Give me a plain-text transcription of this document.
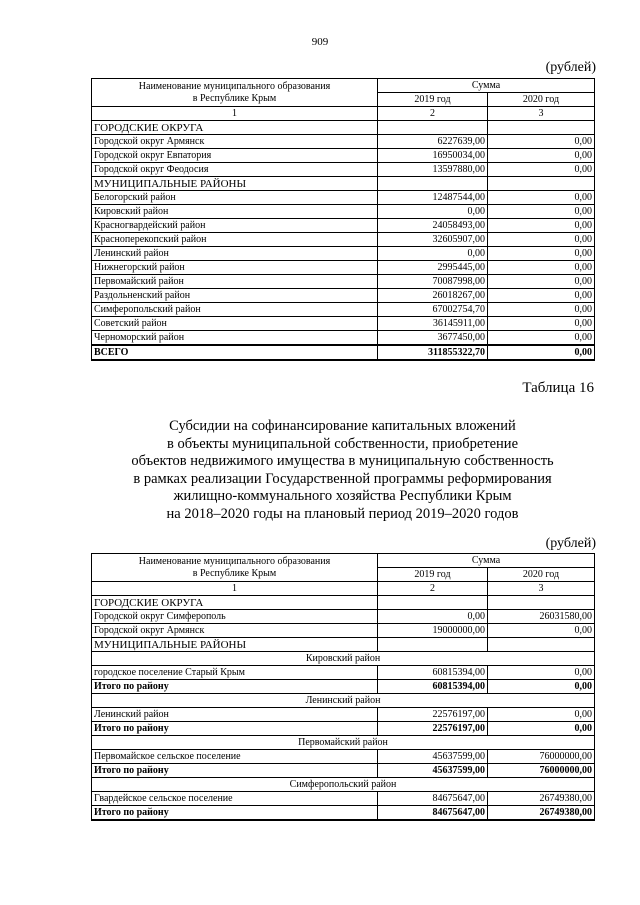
909
(рублей)
Наименование муниципального образования
в Республике Крым	Сумма	
	2019 год	2020 год
1	2	3
ГОРОДСКИЕ ОКРУГА		
Городской округ Армянск	6227639,00	0,00
Городской округ Евпатория	16950034,00	0,00
Городской округ Феодосия	13597880,00	0,00
МУНИЦИПАЛЬНЫЕ РАЙОНЫ		
Белогорский район	12487544,00	0,00
Кировский район	0,00	0,00
Красногвардейский район	24058493,00	0,00
Красноперекопский район	32605907,00	0,00
Ленинский район	0,00	0,00
Нижнегорский район	2995445,00	0,00
Первомайский район	70087998,00	0,00
Раздольненский район	26018267,00	0,00
Симферопольский район	67002754,70	0,00
Советский район	36145911,00	0,00
Черноморский район	3677450,00	0,00
ВСЕГО	311855322,70	0,00
Таблица 16
Субсидии на софинансирование капитальных вложений
в объекты муниципальной собственности, приобретение
объектов недвижимого имущества в муниципальную собственность
в рамках реализации Государственной программы реформирования
жилищно-коммунального хозяйства Республики Крым
на 2018–2020 годы на плановый период 2019–2020 годов
(рублей)
Наименование муниципального образования
в Республике Крым	Сумма	
	2019 год	2020 год
1	2	3
ГОРОДСКИЕ ОКРУГА		
Городской округ Симферополь	0,00	26031580,00
Городской округ Армянск	19000000,00	0,00
МУНИЦИПАЛЬНЫЕ РАЙОНЫ		
Кировский район		
городское поселение Старый Крым	60815394,00	0,00
Итого по району	60815394,00	0,00
Ленинский район		
Ленинский район	22576197,00	0,00
Итого по району	22576197,00	0,00
Первомайский район		
Первомайское сельское поселение	45637599,00	76000000,00
Итого по району	45637599,00	76000000,00
Симферопольский район		
Гвардейское сельское поселение	84675647,00	26749380,00
Итого по району	84675647,00	26749380,00
